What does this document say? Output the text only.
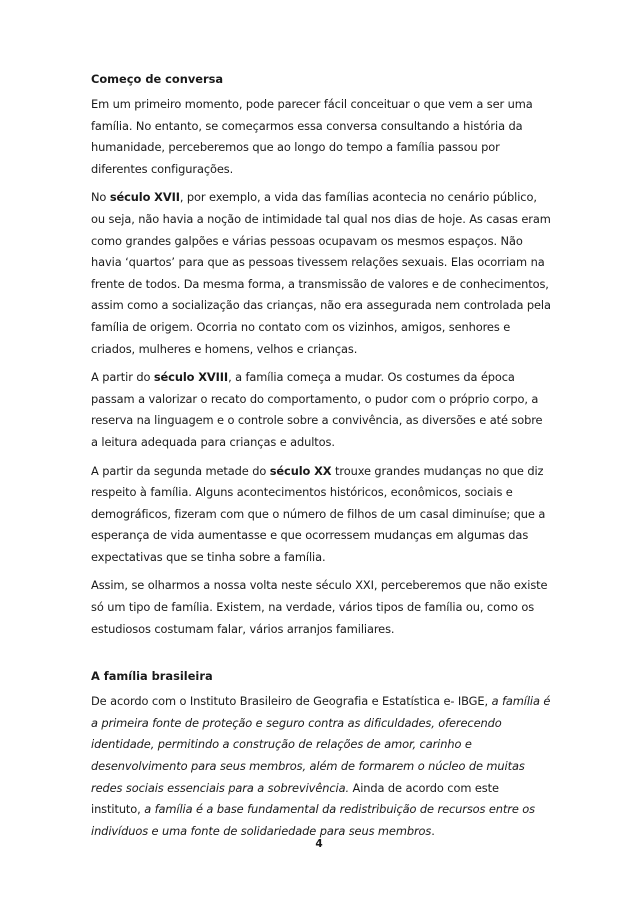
Começo de conversa

Em um primeiro momento, pode parecer fácil conceituar o que vem a ser uma família. No entanto, se começarmos essa conversa consultando a história da humanidade, perceberemos que ao longo do tempo a família passou por diferentes configurações.

No século XVII, por exemplo, a vida das famílias acontecia no cenário público, ou seja, não havia a noção de intimidade tal qual nos dias de hoje. As casas eram como grandes galpões e várias pessoas ocupavam os mesmos espaços. Não havia ‘quartos’ para que as pessoas tivessem relações sexuais. Elas ocorriam na frente de todos. Da mesma forma, a transmissão de valores e de conhecimentos, assim como a socialização das crianças, não era assegurada nem controlada pela família de origem. Ocorria no contato com os vizinhos, amigos, senhores e criados, mulheres e homens, velhos e crianças.

A partir do século XVIII, a família começa a mudar. Os costumes da época passam a valorizar o recato do comportamento, o pudor com o próprio corpo, a reserva na linguagem e o controle sobre a convivência, as diversões e até sobre a leitura adequada para crianças e adultos.

A partir da segunda metade do século XX trouxe grandes mudanças no que diz respeito à família. Alguns acontecimentos históricos, econômicos, sociais e demográficos, fizeram com que o número de filhos de um casal diminuíse; que a esperança de vida aumentasse e que ocorressem mudanças em algumas das expectativas que se tinha sobre a família.

Assim, se olharmos a nossa volta neste século XXI, perceberemos que não existe só um tipo de família. Existem, na verdade, vários tipos de família ou, como os estudiosos costumam falar, vários arranjos familiares.

A família brasileira

De acordo com o Instituto Brasileiro de Geografia e Estatística e- IBGE, a família é a primeira fonte de proteção e seguro contra as dificuldades, oferecendo identidade, permitindo a construção de relações de amor, carinho e desenvolvimento para seus membros, além de formarem o núcleo de muitas redes sociais essenciais para a sobrevivência. Ainda de acordo com este instituto, a família é a base fundamental da redistribuição de recursos entre os indivíduos e uma fonte de solidariedade para seus membros.

4
